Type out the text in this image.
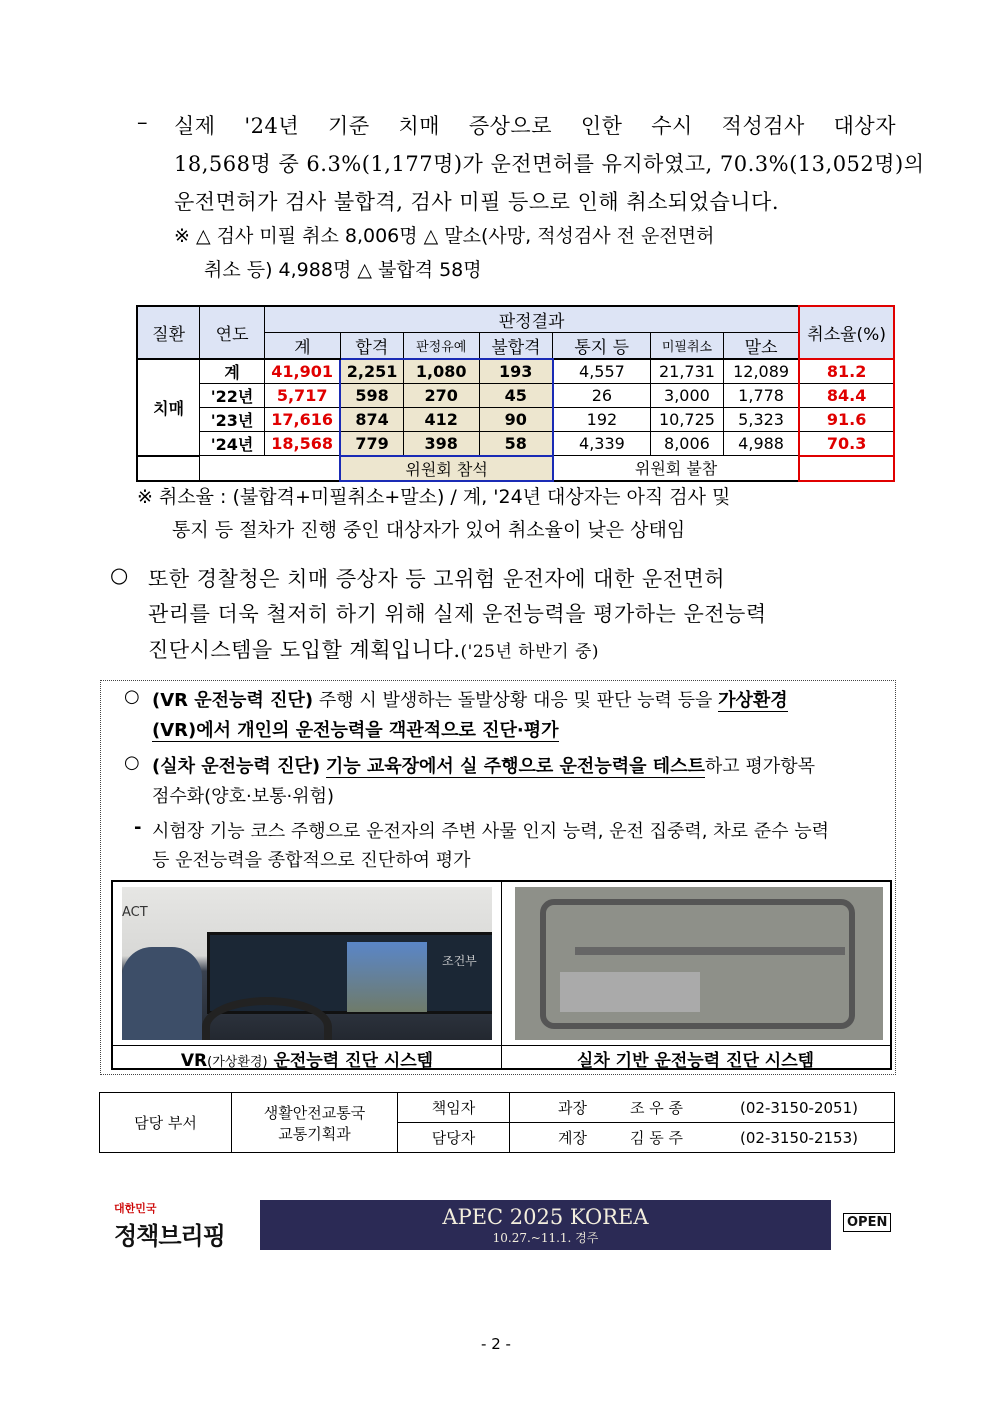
– 실제 '24년 기준 치매 증상으로 인한 수시 적성검사 대상자
18,568명 중 6.3%(1,177명)가 운전면허를 유지하였고, 70.3%(13,052명)의
운전면허가 검사 불합격, 검사 미필 등으로 인해 취소되었습니다.
※ △ 검사 미필 취소 8,006명 △ 말소(사망, 적성검사 전 운전면허
취소 등) 4,988명 △ 불합격 58명
질환	연도	판정결과							취소율(%)
		계	합격	판정유예	불합격	통지 등	미필취소	말소	
치매	계	41,901	2,251	1,080	193	4,557	21,731	12,089	81.2
	'22년	5,717	598	270	45	26	3,000	1,778	84.4
	'23년	17,616	874	412	90	192	10,725	5,323	91.6
	'24년	18,568	779	398	58	4,339	8,006	4,988	70.3
			위원회 참석			위원회 불참			
※ 취소율 : (불합격+미필취소+말소) / 계, '24년 대상자는 아직 검사 및
통지 등 절차가 진행 중인 대상자가 있어 취소율이 낮은 상태임
○ 또한 경찰청은 치매 증상자 등 고위험 운전자에 대한 운전면허
관리를 더욱 철저히 하기 위해 실제 운전능력을 평가하는 운전능력
진단시스템을 도입할 계획입니다.('25년 하반기 중)
○ (VR 운전능력 진단) 주행 시 발생하는 돌발상황 대응 및 판단 능력 등을 가상환경
(VR)에서 개인의 운전능력을 객관적으로 진단·평가
○ (실차 운전능력 진단) 기능 교육장에서 실 주행으로 운전능력을 테스트하고 평가항목
점수화(양호·보통·위험)
- 시험장 기능 코스 주행으로 운전자의 주변 사물 인지 능력, 운전 집중력, 차로 준수 능력
등 운전능력을 종합적으로 진단하여 평가
ACT
조건부
VR(가상환경) 운전능력 진단 시스템	실차 기반 운전능력 진단 시스템
담당 부서	생활안전교통국
교통기획과	책임자	과장 조 우 종 (02-3150-2051)
		담당자	계장 김 동 주 (02-3150-2153)
대한민국
정책브리핑
APEC 2025 KOREA
10.27.~11.1. 경주
OPEN
- 2 -
